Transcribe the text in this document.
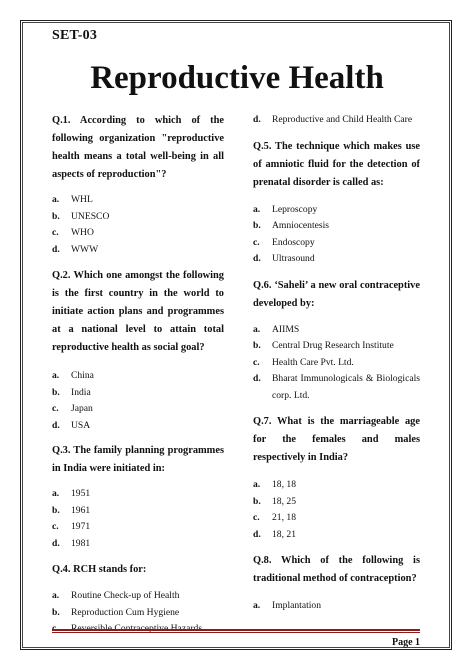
SET-03
Reproductive Health
Q.1. According to which of the following organization "reproductive health means a total well-being in all aspects of reproduction"?
a. WHL
b. UNESCO
c. WHO
d. WWW
Q.2. Which one amongst the following is the first country in the world to initiate action plans and programmes at a national level to attain total reproductive health as social goal?
a. China
b. India
c. Japan
d. USA
Q.3. The family planning programmes in India were initiated in:
a. 1951
b. 1961
c. 1971
d. 1981
Q.4. RCH stands for:
a. Routine Check-up of Health
b. Reproduction Cum Hygiene
c. Reversible Contraceptive Hazards
d. Reproductive and Child Health Care
Q.5. The technique which makes use of amniotic fluid for the detection of prenatal disorder is called as:
a. Leproscopy
b. Amniocentesis
c. Endoscopy
d. Ultrasound
Q.6. ‘Saheli’ a new oral contraceptive developed by:
a. AIIMS
b. Central Drug Research Institute
c. Health Care Pvt. Ltd.
d. Bharat Immunologicals & Biologicals corp. Ltd.
Q.7. What is the marriageable age for the females and males respectively in India?
a. 18, 18
b. 18, 25
c. 21, 18
d. 18, 21
Q.8. Which of the following is traditional method of contraception?
a. Implantation
Page 1
